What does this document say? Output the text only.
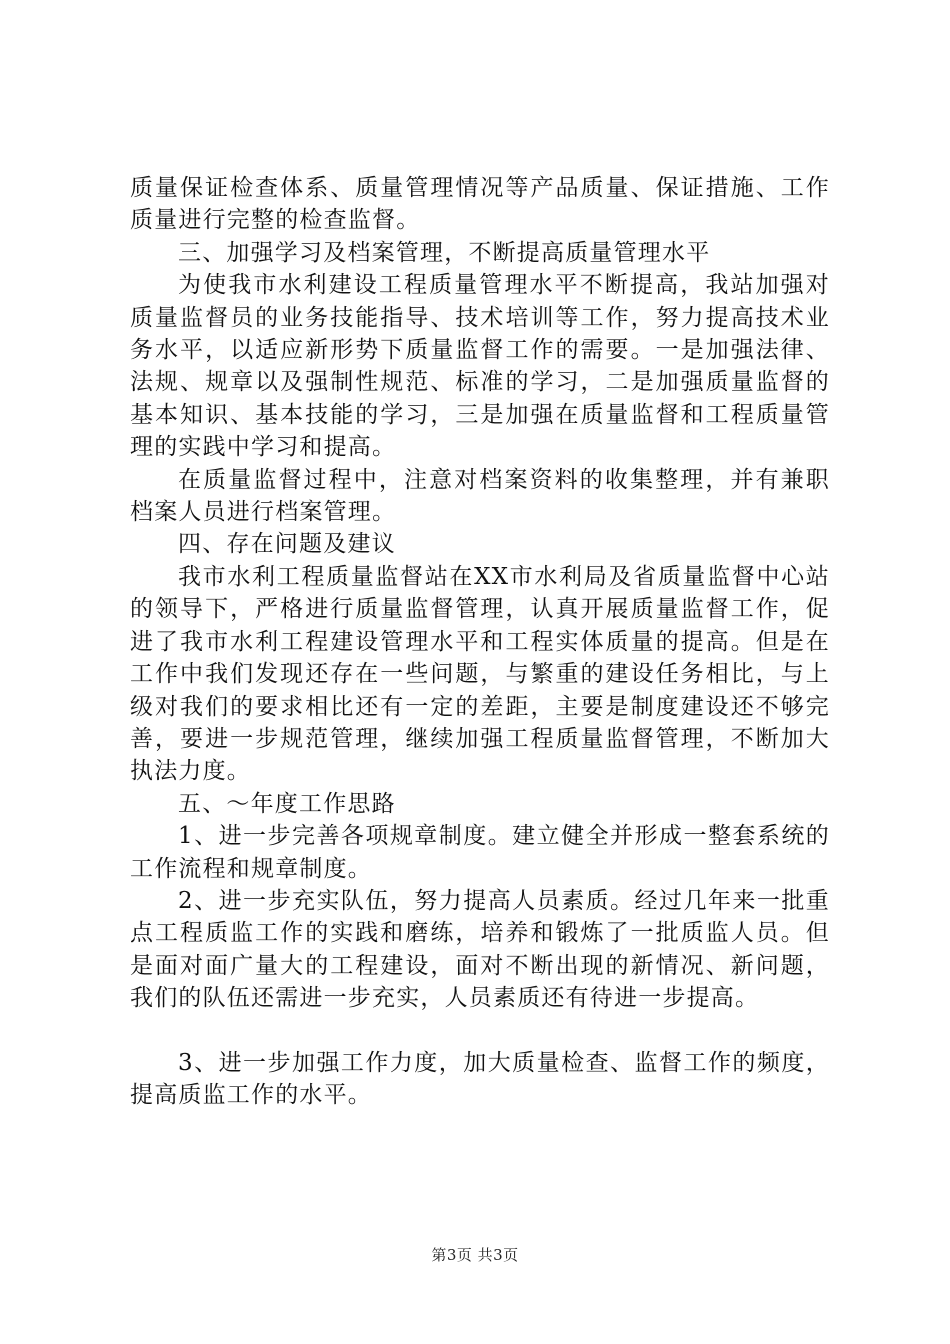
质量保证检查体系、质量管理情况等产品质量、保证措施、工作质量进行完整的检查监督。

三、加强学习及档案管理，不断提高质量管理水平

为使我市水利建设工程质量管理水平不断提高，我站加强对质量监督员的业务技能指导、技术培训等工作，努力提高技术业务水平，以适应新形势下质量监督工作的需要。一是加强法律、法规、规章以及强制性规范、标准的学习，二是加强质量监督的基本知识、基本技能的学习，三是加强在质量监督和工程质量管理的实践中学习和提高。

在质量监督过程中，注意对档案资料的收集整理，并有兼职档案人员进行档案管理。

四、存在问题及建议

我市水利工程质量监督站在XX市水利局及省质量监督中心站的领导下，严格进行质量监督管理，认真开展质量监督工作，促进了我市水利工程建设管理水平和工程实体质量的提高。但是在工作中我们发现还存在一些问题，与繁重的建设任务相比，与上级对我们的要求相比还有一定的差距，主要是制度建设还不够完善，要进一步规范管理，继续加强工程质量监督管理，不断加大执法力度。

五、～年度工作思路

1、进一步完善各项规章制度。建立健全并形成一整套系统的工作流程和规章制度。

2、进一步充实队伍，努力提高人员素质。经过几年来一批重点工程质监工作的实践和磨练，培养和锻炼了一批质监人员。但是面对面广量大的工程建设，面对不断出现的新情况、新问题，我们的队伍还需进一步充实，人员素质还有待进一步提高。

3、进一步加强工作力度，加大质量检查、监督工作的频度，提高质监工作的水平。

第3页 共3页
